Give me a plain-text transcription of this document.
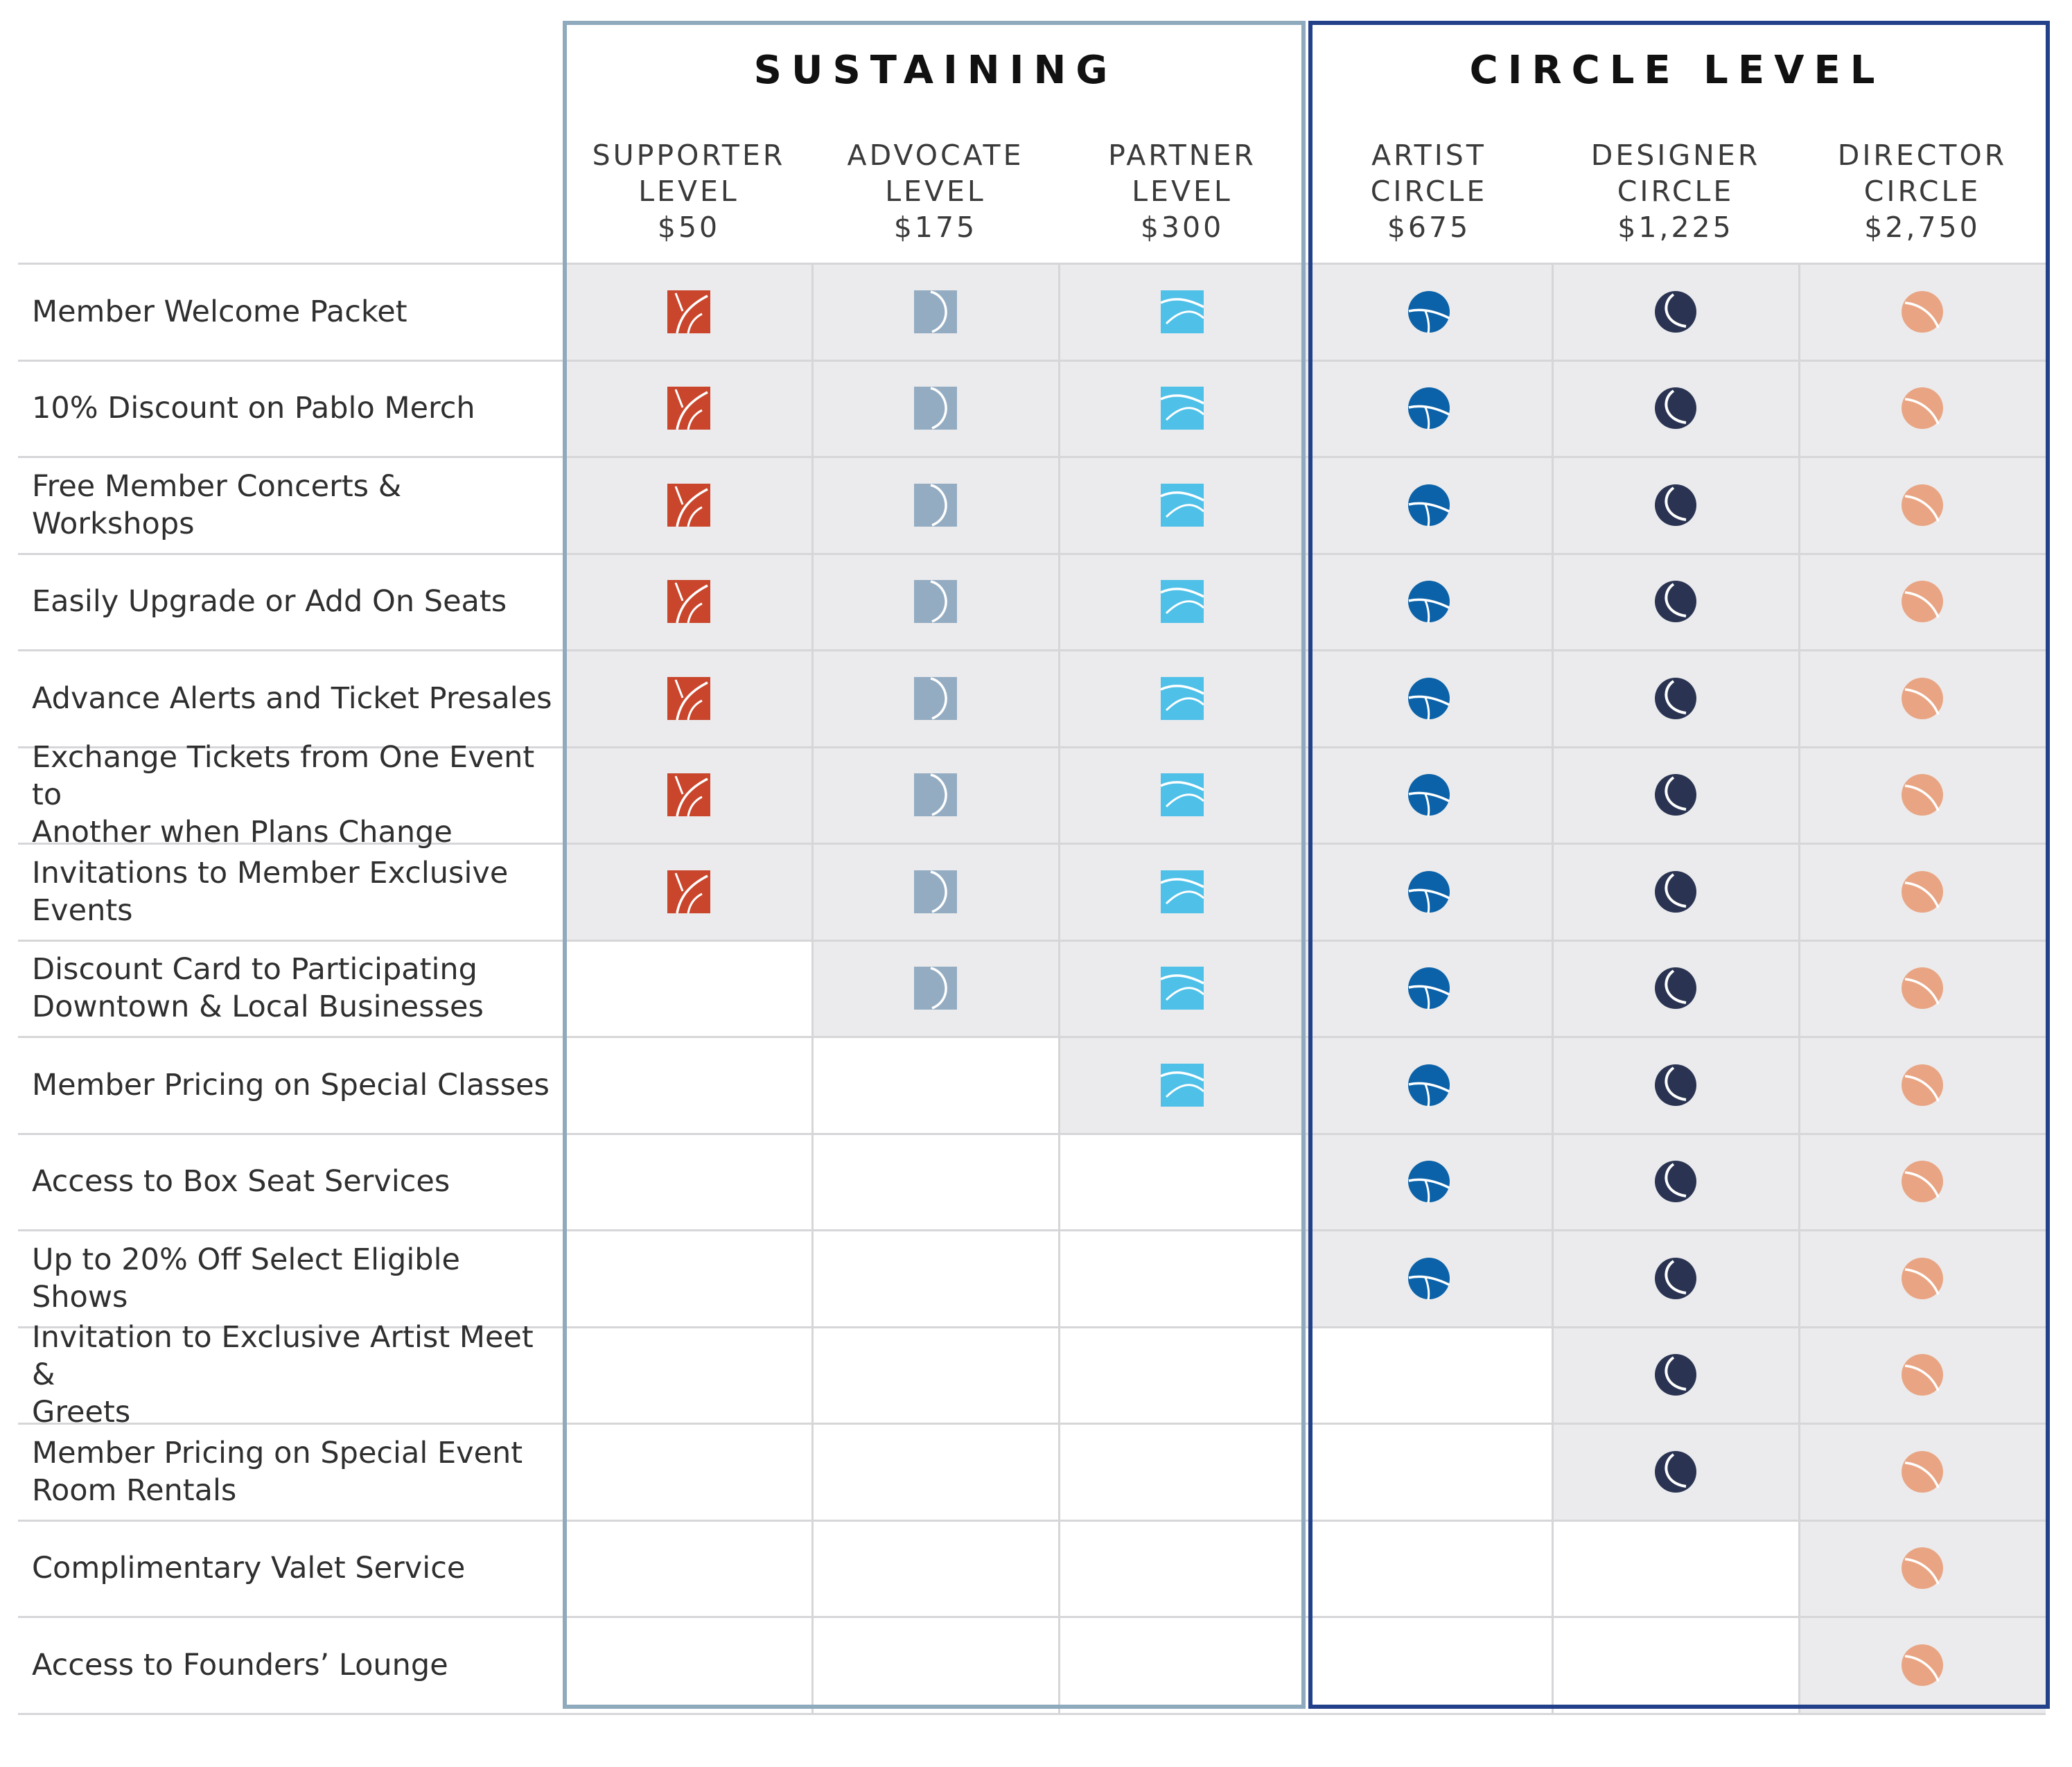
SUSTAINING	CIRCLE LEVEL
SUPPORTER
LEVEL
$50
ADVOCATE
LEVEL
$175
PARTNER
LEVEL
$300
ARTIST
CIRCLE
$675
DESIGNER
CIRCLE
$1,225
DIRECTOR
CIRCLE
$2,750
Member Welcome Packet
10% Discount on Pablo Merch
Free Member Concerts &
Workshops
Easily Upgrade or Add On Seats
Advance Alerts and Ticket Presales
Exchange Tickets from One Event to
Another when Plans Change
Invitations to Member Exclusive
Events
Discount Card to Participating
Downtown & Local Businesses
Member Pricing on Special Classes
Access to Box Seat Services
Up to 20% Off Select Eligible
Shows
Invitation to Exclusive Artist Meet &
Greets
Member Pricing on Special Event
Room Rentals
Complimentary Valet Service
Access to Founders’ Lounge
